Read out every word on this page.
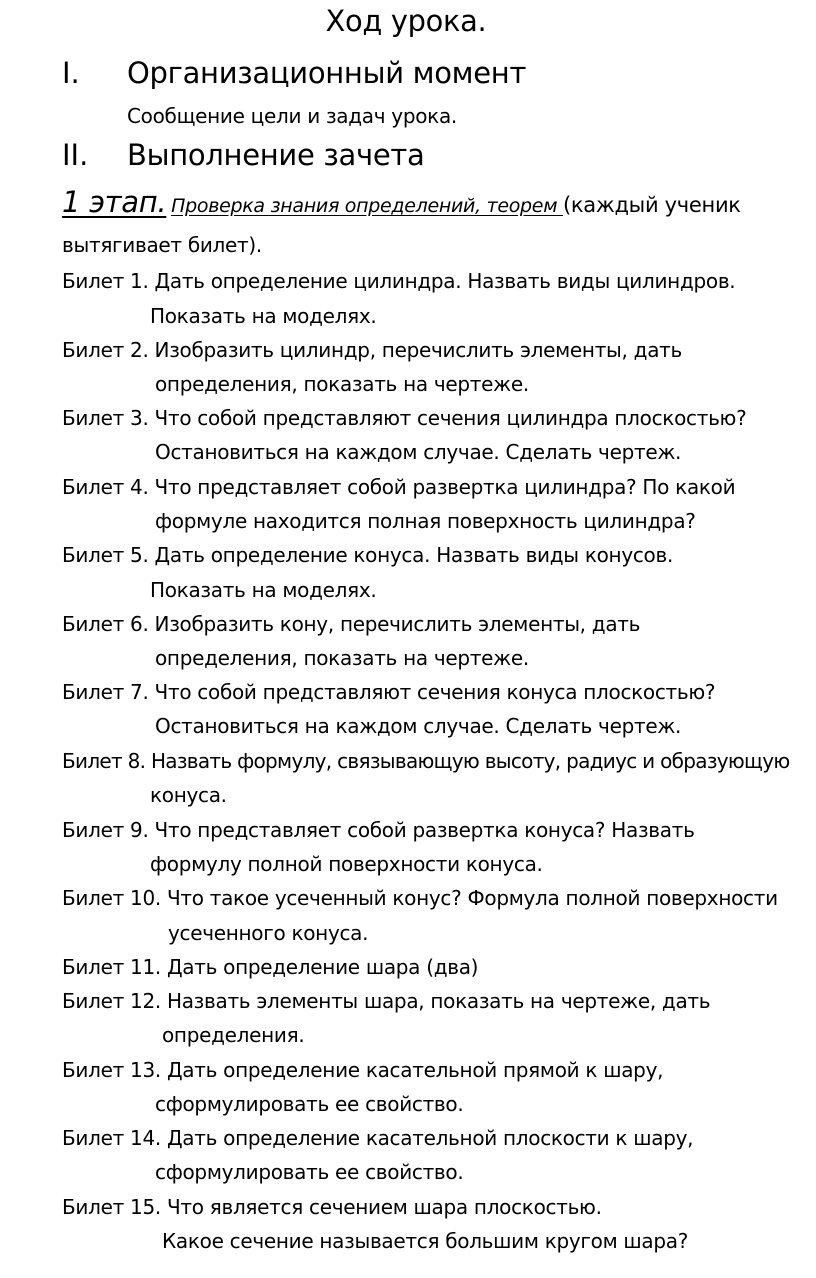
Ход урока.
I. Организационный момент
Сообщение цели и задач урока.
II. Выполнение зачета
1 этап. Проверка знания определений, теорем (каждый ученик
вытягивает билет).
Билет 1. Дать определение цилиндра. Назвать виды цилиндров.
Показать на моделях.
Билет 2. Изобразить цилиндр, перечислить элементы, дать
определения, показать на чертеже.
Билет 3. Что собой представляют сечения цилиндра плоскостью?
Остановиться на каждом случае. Сделать чертеж.
Билет 4. Что представляет собой развертка цилиндра? По какой
формуле находится полная поверхность цилиндра?
Билет 5. Дать определение конуса. Назвать виды конусов.
Показать на моделях.
Билет 6. Изобразить кону, перечислить элементы, дать
определения, показать на чертеже.
Билет 7. Что собой представляют сечения конуса плоскостью?
Остановиться на каждом случае. Сделать чертеж.
Билет 8. Назвать формулу, связывающую высоту, радиус и образующую
конуса.
Билет 9. Что представляет собой развертка конуса? Назвать
формулу полной поверхности конуса.
Билет 10. Что такое усеченный конус? Формула полной поверхности
усеченного конуса.
Билет 11. Дать определение шара (два)
Билет 12. Назвать элементы шара, показать на чертеже, дать
определения.
Билет 13. Дать определение касательной прямой к шару,
сформулировать ее свойство.
Билет 14. Дать определение касательной плоскости к шару,
сформулировать ее свойство.
Билет 15. Что является сечением шара плоскостью.
Какое сечение называется большим кругом шара?
